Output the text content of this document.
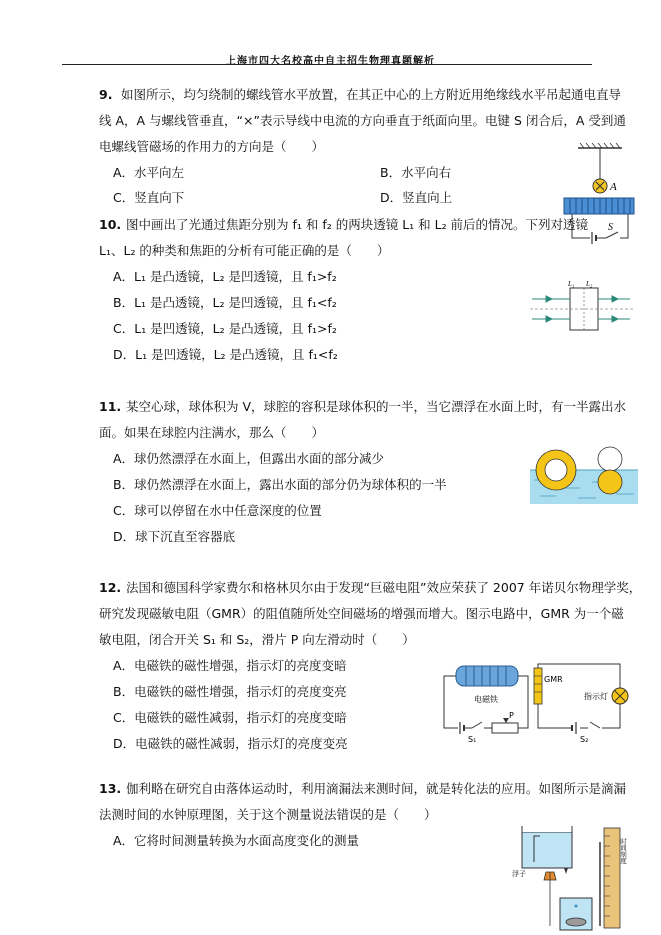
上海市四大名校高中自主招生物理真题解析
9. 如图所示，均匀绕制的螺线管水平放置，在其正中心的上方附近用绝缘线水平吊起通电直导
线 A，A 与螺线管垂直，“×”表示导线中电流的方向垂直于纸面向里。电键 S 闭合后，A 受到通
电螺线管磁场的作用力的方向是（　　）
A．水平向左	B．水平向右
C．竖直向下	D．竖直向上
A
S
10. 图中画出了光通过焦距分别为 f₁ 和 f₂ 的两块透镜 L₁ 和 L₂ 前后的情况。下列对透镜
L₁、L₂ 的种类和焦距的分析有可能正确的是（　　）
A．L₁ 是凸透镜，L₂ 是凹透镜，且 f₁>f₂
B．L₁ 是凸透镜，L₂ 是凹透镜，且 f₁<f₂
C．L₁ 是凹透镜，L₂ 是凸透镜，且 f₁>f₂
D．L₁ 是凹透镜，L₂ 是凸透镜，且 f₁<f₂
L₁ L₂
11. 某空心球，球体积为 V，球腔的容积是球体积的一半，当它漂浮在水面上时，有一半露出水
面。如果在球腔内注满水，那么（　　）
A．球仍然漂浮在水面上，但露出水面的部分减少
B．球仍然漂浮在水面上，露出水面的部分仍为球体积的一半
C．球可以停留在水中任意深度的位置
D．球下沉直至容器底
12. 法国和德国科学家费尔和格林贝尔由于发现“巨磁电阻”效应荣获了 2007 年诺贝尔物理学奖，
研究发现磁敏电阻（GMR）的阻值随所处空间磁场的增强而增大。图示电路中，GMR 为一个磁
敏电阻，闭合开关 S₁ 和 S₂，滑片 P 向左滑动时（　　）
A．电磁铁的磁性增强，指示灯的亮度变暗
B．电磁铁的磁性增强，指示灯的亮度变亮
C．电磁铁的磁性减弱，指示灯的亮度变暗
D．电磁铁的磁性减弱，指示灯的亮度变亮
电磁铁
S₁
P
GMR
指示灯
S₂
13. 伽利略在研究自由落体运动时，利用滴漏法来测时间，就是转化法的应用。如图所示是滴漏
法测时间的水钟原理图，关于这个测量说法错误的是（　　）
A．它将时间测量转换为水面高度变化的测量
浮子
时间刻度
